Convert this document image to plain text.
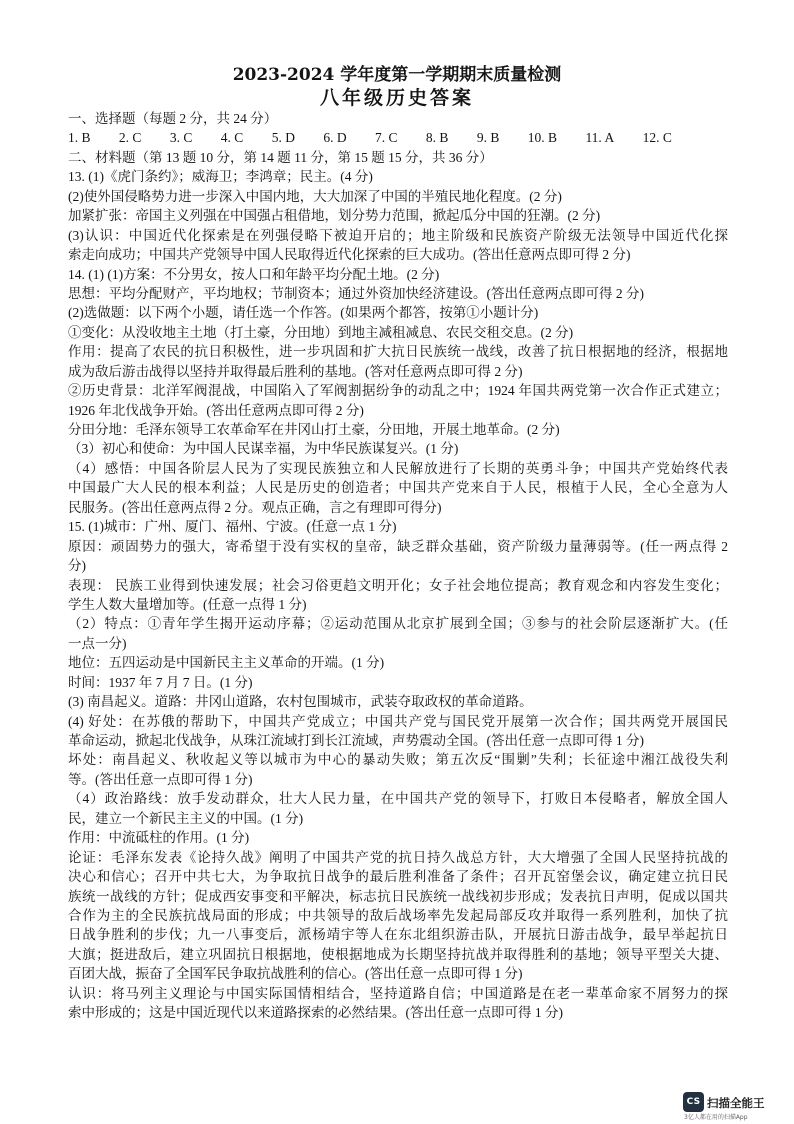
2023-2024 学年度第一学期期末质量检测
八年级历史答案
一、选择题（每题 2 分，共 24 分）
1. B 2. C 3. C 4. C 5. D 6. D 7. C 8. B 9. B 10. B 11. A 12. C
二、材料题（第 13 题 10 分，第 14 题 11 分，第 15 题 15 分，共 36 分）
13. (1)《虎门条约》；威海卫；李鸿章；民主。(4 分)
(2)使外国侵略势力进一步深入中国内地，大大加深了中国的半殖民地化程度。(2 分)
加紧扩张：帝国主义列强在中国强占租借地，划分势力范围，掀起瓜分中国的狂潮。(2 分)
(3)认识：中国近代化探索是在列强侵略下被迫开启的；地主阶级和民族资产阶级无法领导中国近代化探
索走向成功；中国共产党领导中国人民取得近代化探索的巨大成功。(答出任意两点即可得 2 分)
14. (1) (1)方案：不分男女，按人口和年龄平均分配土地。(2 分)
思想：平均分配财产，平均地权；节制资本；通过外资加快经济建设。(答出任意两点即可得 2 分)
(2)选做题：以下两个小题，请任选一个作答。(如果两个都答，按第①小题计分)
①变化：从没收地主土地（打土豪，分田地）到地主减租减息、农民交租交息。(2 分)
作用：提高了农民的抗日积极性，进一步巩固和扩大抗日民族统一战线，改善了抗日根据地的经济，根据地
成为敌后游击战得以坚持并取得最后胜利的基地。(答对任意两点即可得 2 分)
②历史背景：北洋军阀混战，中国陷入了军阀割据纷争的动乱之中；1924 年国共两党第一次合作正式建立；
1926 年北伐战争开始。(答出任意两点即可得 2 分)
分田分地：毛泽东领导工农革命军在井冈山打土豪，分田地，开展土地革命。(2 分)
（3）初心和使命：为中国人民谋幸福，为中华民族谋复兴。(1 分)
（4）感悟：中国各阶层人民为了实现民族独立和人民解放进行了长期的英勇斗争；中国共产党始终代表
中国最广大人民的根本利益；人民是历史的创造者；中国共产党来自于人民，根植于人民，全心全意为人
民服务。(答出任意两点得 2 分。观点正确，言之有理即可得分)
15. (1)城市：广州、厦门、福州、宁波。(任意一点 1 分)
原因：顽固势力的强大，寄希望于没有实权的皇帝，缺乏群众基础，资产阶级力量薄弱等。(任一两点得 2
分)
表现： 民族工业得到快速发展；社会习俗更趋文明开化；女子社会地位提高；教育观念和内容发生变化；
学生人数大量增加等。(任意一点得 1 分)
（2）特点：①青年学生揭开运动序幕；②运动范围从北京扩展到全国；③参与的社会阶层逐渐扩大。(任
一点一分)
地位：五四运动是中国新民主主义革命的开端。(1 分)
时间：1937 年 7 月 7 日。(1 分)
(3) 南昌起义。道路：井冈山道路，农村包围城市，武装夺取政权的革命道路。
(4) 好处：在苏俄的帮助下，中国共产党成立；中国共产党与国民党开展第一次合作；国共两党开展国民
革命运动，掀起北伐战争，从珠江流域打到长江流域，声势震动全国。(答出任意一点即可得 1 分)
坏处：南昌起义、秋收起义等以城市为中心的暴动失败；第五次反“围剿”失利；长征途中湘江战役失利
等。(答出任意一点即可得 1 分)
（4）政治路线：放手发动群众，壮大人民力量，在中国共产党的领导下，打败日本侵略者，解放全国人
民，建立一个新民主主义的中国。(1 分)
作用：中流砥柱的作用。(1 分)
论证：毛泽东发表《论持久战》阐明了中国共产党的抗日持久战总方针，大大增强了全国人民坚持抗战的
决心和信心；召开中共七大，为争取抗日战争的最后胜利准备了条件；召开瓦窑堡会议，确定建立抗日民
族统一战线的方针；促成西安事变和平解决，标志抗日民族统一战线初步形成；发表抗日声明，促成以国共
合作为主的全民族抗战局面的形成；中共领导的敌后战场率先发起局部反攻并取得一系列胜利，加快了抗
日战争胜利的步伐；九一八事变后，派杨靖宇等人在东北组织游击队，开展抗日游击战争，最早举起抗日
大旗；挺进敌后，建立巩固抗日根据地，使根据地成为长期坚持抗战并取得胜利的基地；领导平型关大捷、
百团大战，振奋了全国军民争取抗战胜利的信心。(答出任意一点即可得 1 分)
认识：将马列主义理论与中国实际国情相结合，坚持道路自信；中国道路是在老一辈革命家不屑努力的探
索中形成的；这是中国近现代以来道路探索的必然结果。(答出任意一点即可得 1 分)
CS 扫描全能王
3亿人都在用的扫描App
